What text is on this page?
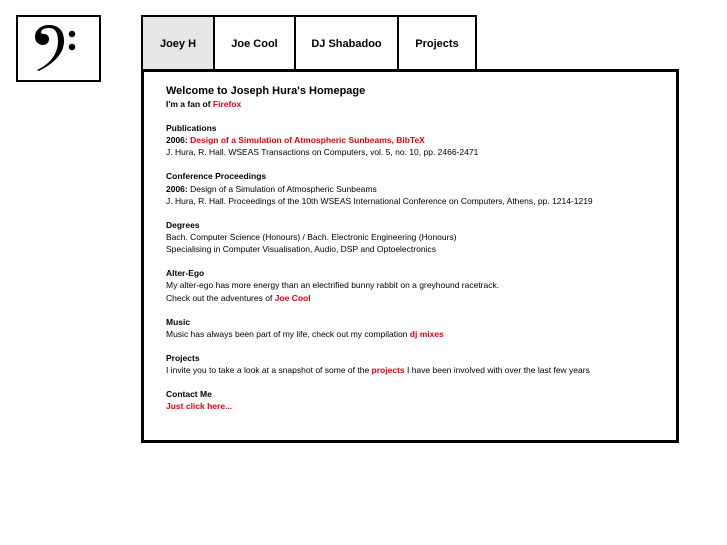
Joey H	Joe Cool	DJ Shabadoo	Projects
Welcome to Joseph Hura's Homepage
I'm a fan of Firefox
Publications
2006: Design of a Simulation of Atmospheric Sunbeams, BibTeX
J. Hura, R. Hall. WSEAS Transactions on Computers, vol. 5, no. 10, pp. 2466-2471
Conference Proceedings
2006: Design of a Simulation of Atmospheric Sunbeams
J. Hura, R. Hall. Proceedings of the 10th WSEAS International Conference on Computers, Athens, pp. 1214-1219
Degrees
Bach. Computer Science (Honours) / Bach. Electronic Engineering (Honours)
Specialising in Computer Visualisation, Audio, DSP and Optoelectronics
Alter-Ego
My alter-ego has more energy than an electrified bunny rabbit on a greyhound racetrack.
Check out the adventures of Joe Cool
Music
Music has always been part of my life, check out my compilation dj mixes
Projects
I invite you to take a look at a snapshot of some of the projects I have been involved with over the last few years
Contact Me
Just click here...
